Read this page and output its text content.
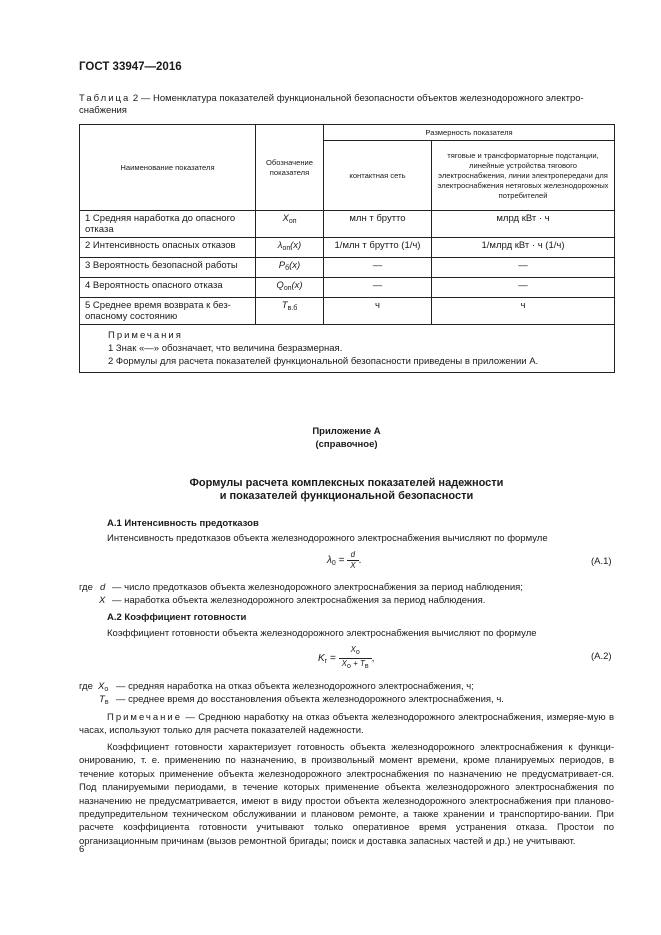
ГОСТ 33947—2016
Таблица 2 — Номенклатура показателей функциональной безопасности объектов железнодорожного электро-снабжения
Наименование показателя	Обозначение показателя	Размерность показателя	
		контактная сеть	тяговые и трансформаторные подстанции, линейные устройства тягового электроснабжения, линии электропередачи для электроснабжения нетяговых железнодорожных потребителей
1 Средняя наработка до опасного отказа	$X_{оп}$	млн т брутто	млрд кВт · ч
2 Интенсивность опасных отказов	$\lambda_{оп}(x)$	1/млн т брутто (1/ч)	1/млрд кВт · ч (1/ч)
3 Вероятность безопасной работы	$P_б(x)$	—	—
4 Вероятность опасного отказа	$Q_{оп}(x)$	—	—
5 Среднее время возврата к без-опасному состоянию	$T_{в.б}$	ч	ч

Примечания
1 Знак «—» обозначает, что величина безразмерная.
2 Формулы для расчета показателей функциональной безопасности приведены в приложении А.			
Приложение А
(справочное)
Формулы расчета комплексных показателей надежности
и показателей функциональной безопасности
А.1 Интенсивность предотказов
Интенсивность предотказов объекта железнодорожного электроснабжения вычисляют по формуле
$\lambda_0 = \frac{d}{X}$ .	(А.1)
где d — число предотказов объекта железнодорожного электроснабжения за период наблюдения;
X — наработка объекта железнодорожного электроснабжения за период наблюдения.
А.2 Коэффициент готовности
Коэффициент готовности объекта железнодорожного электроснабжения вычисляют по формуле
$K_г = \frac{Xо}{Xо + Tв}$ ,	(А.2)
где $X_о$ — средняя наработка на отказ объекта железнодорожного электроснабжения, ч;
$T_в$ — среднее время до восстановления объекта железнодорожного электроснабжения, ч.
Примечание — Среднюю наработку на отказ объекта железнодорожного электроснабжения, измеряе-мую в часах, используют только для расчета показателей надежности.
Коэффициент готовности характеризует готовность объекта железнодорожного электроснабжения к функци-онированию, т. е. применению по назначению, в произвольный момент времени, кроме планируемых периодов, в течение которых применение объекта железнодорожного электроснабжения по назначению не предусматривает-ся. Под планируемыми периодами, в течение которых применение объекта железнодорожного электроснабжения по назначению не предусматривается, имеют в виду простои объекта железнодорожного электроснабжения при планово-предупредительном техническом обслуживании и плановом ремонте, а также хранении и транспортиро-вании. При расчете коэффициента готовности учитывают только оперативное время устранения отказа. Простои по организационным причинам (вызов ремонтной бригады; поиск и доставка запасных частей и др.) не учитывают.
6
